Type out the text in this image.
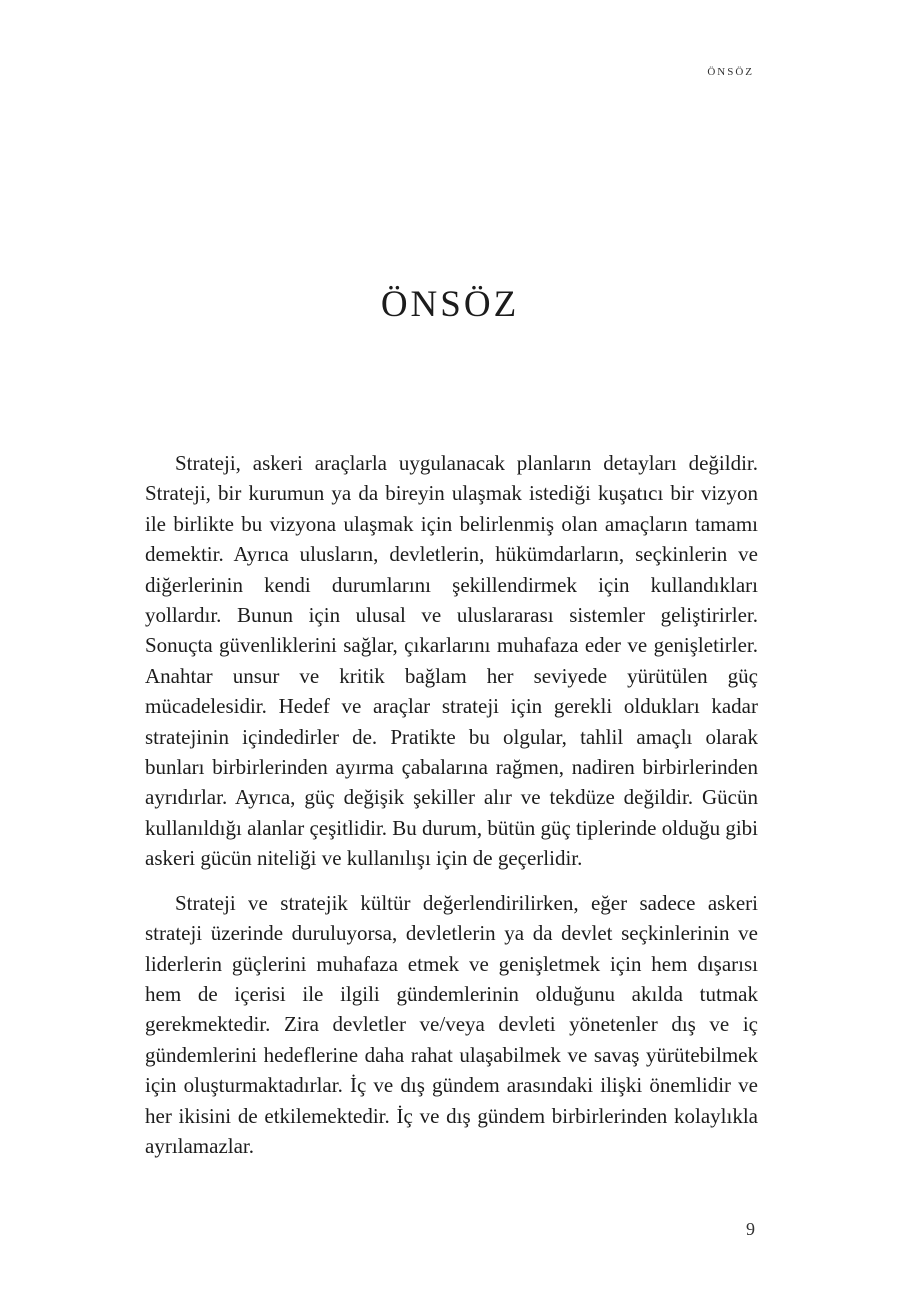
ÖNSÖZ
ÖNSÖZ

Strateji, askeri araçlarla uygulanacak planların detayları değildir. Strateji, bir kurumun ya da bireyin ulaşmak istediği kuşatıcı bir vizyon ile birlikte bu vizyona ulaşmak için belirlenmiş olan amaçların tamamı demektir. Ayrıca ulusların, devletlerin, hükümdarların, seçkinlerin ve diğerlerinin kendi durumlarını şekillendirmek için kullandıkları yollardır. Bunun için ulusal ve uluslararası sistemler geliştirirler. Sonuçta güvenliklerini sağlar, çıkarlarını muhafaza eder ve genişletirler. Anahtar unsur ve kritik bağlam her seviyede yürütülen güç mücadelesidir. Hedef ve araçlar strateji için gerekli oldukları kadar stratejinin içindedirler de. Pratikte bu olgular, tahlil amaçlı olarak bunları birbirlerinden ayırma çabalarına rağmen, nadiren birbirlerinden ayrıdırlar. Ayrıca, güç değişik şekiller alır ve tekdüze değildir. Gücün kullanıldığı alanlar çeşitlidir. Bu durum, bütün güç tiplerinde olduğu gibi askeri gücün niteliği ve kullanılışı için de geçerlidir.

Strateji ve stratejik kültür değerlendirilirken, eğer sadece askeri strateji üzerinde duruluyorsa, devletlerin ya da devlet seçkinlerinin ve liderlerin güçlerini muhafaza etmek ve genişletmek için hem dışarısı hem de içerisi ile ilgili gündemlerinin olduğunu akılda tutmak gerekmektedir. Zira devletler ve/veya devleti yönetenler dış ve iç gündemlerini hedeflerine daha rahat ulaşabilmek ve savaş yürütebilmek için oluşturmaktadırlar. İç ve dış gündem arasındaki ilişki önemlidir ve her ikisini de etkilemektedir. İç ve dış gündem birbirlerinden kolaylıkla ayrılamazlar.

9
